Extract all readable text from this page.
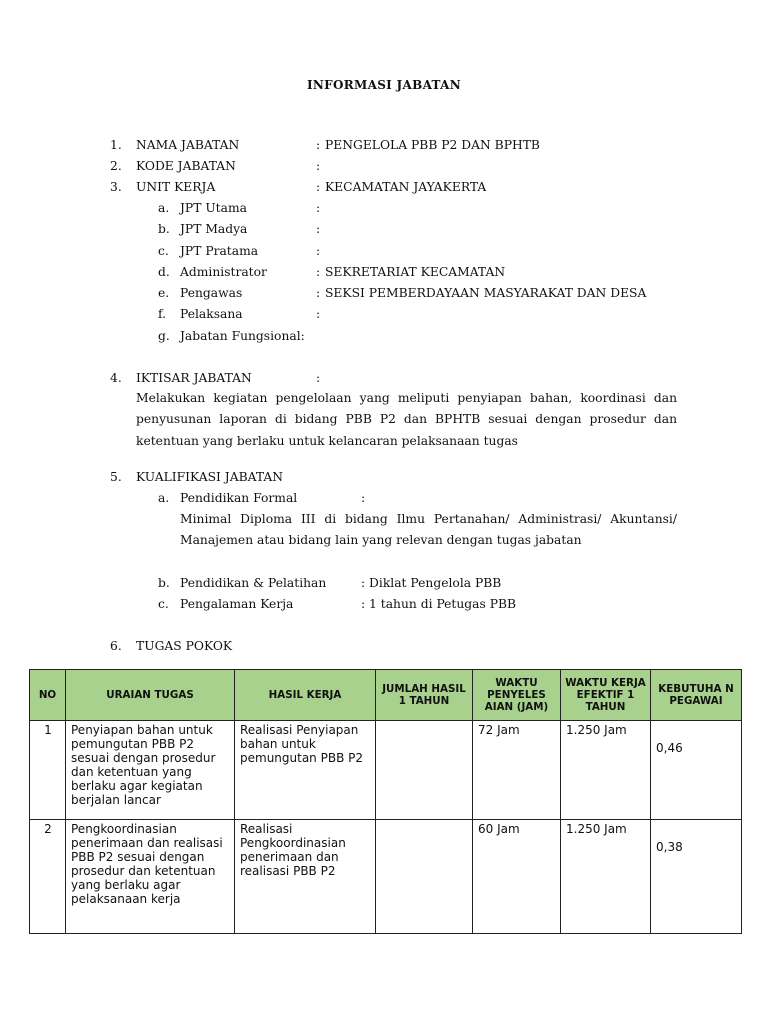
INFORMASI JABATAN
1. NAMA JABATAN	: PENGELOLA PBB P2 DAN BPHTB
2. KODE JABATAN	:
3. UNIT KERJA	: KECAMATAN JAYAKERTA
a. JPT Utama	:
b. JPT Madya	:
c. JPT Pratama	:
d. Administrator	: SEKRETARIAT KECAMATAN
e. Pengawas	: SEKSI PEMBERDAYAAN MASYARAKAT DAN DESA
f. Pelaksana	:
g. Jabatan Fungsional:
4. IKTISAR JABATAN	:
Melakukan kegiatan pengelolaan yang meliputi penyiapan bahan, koordinasi dan penyusunan laporan di bidang PBB P2 dan BPHTB sesuai dengan prosedur dan ketentuan yang berlaku untuk kelancaran pelaksanaan tugas
5. KUALIFIKASI JABATAN
a. Pendidikan Formal	:
Minimal Diploma III di bidang Ilmu Pertanahan/ Administrasi/ Akuntansi/ Manajemen atau bidang lain yang relevan dengan tugas jabatan
b. Pendidikan & Pelatihan	: Diklat Pengelola PBB
c. Pengalaman Kerja	: 1 tahun di Petugas PBB
6. TUGAS POKOK
NO	URAIAN TUGAS	HASIL KERJA	JUMLAH HASIL 1 TAHUN	WAKTU PENYELES AIAN (JAM)	WAKTU KERJA EFEKTIF 1 TAHUN	KEBUTUHA N PEGAWAI
1	Penyiapan bahan untuk pemungutan PBB P2 sesuai dengan prosedur dan ketentuan yang berlaku agar kegiatan berjalan lancar	Realisasi Penyiapan bahan untuk pemungutan PBB P2		72 Jam	1.250 Jam	0,46
2	Pengkoordinasian penerimaan dan realisasi PBB P2 sesuai dengan prosedur dan ketentuan yang berlaku agar pelaksanaan kerja	Realisasi Pengkoordinasian penerimaan dan realisasi PBB P2		60 Jam	1.250 Jam	0,38
